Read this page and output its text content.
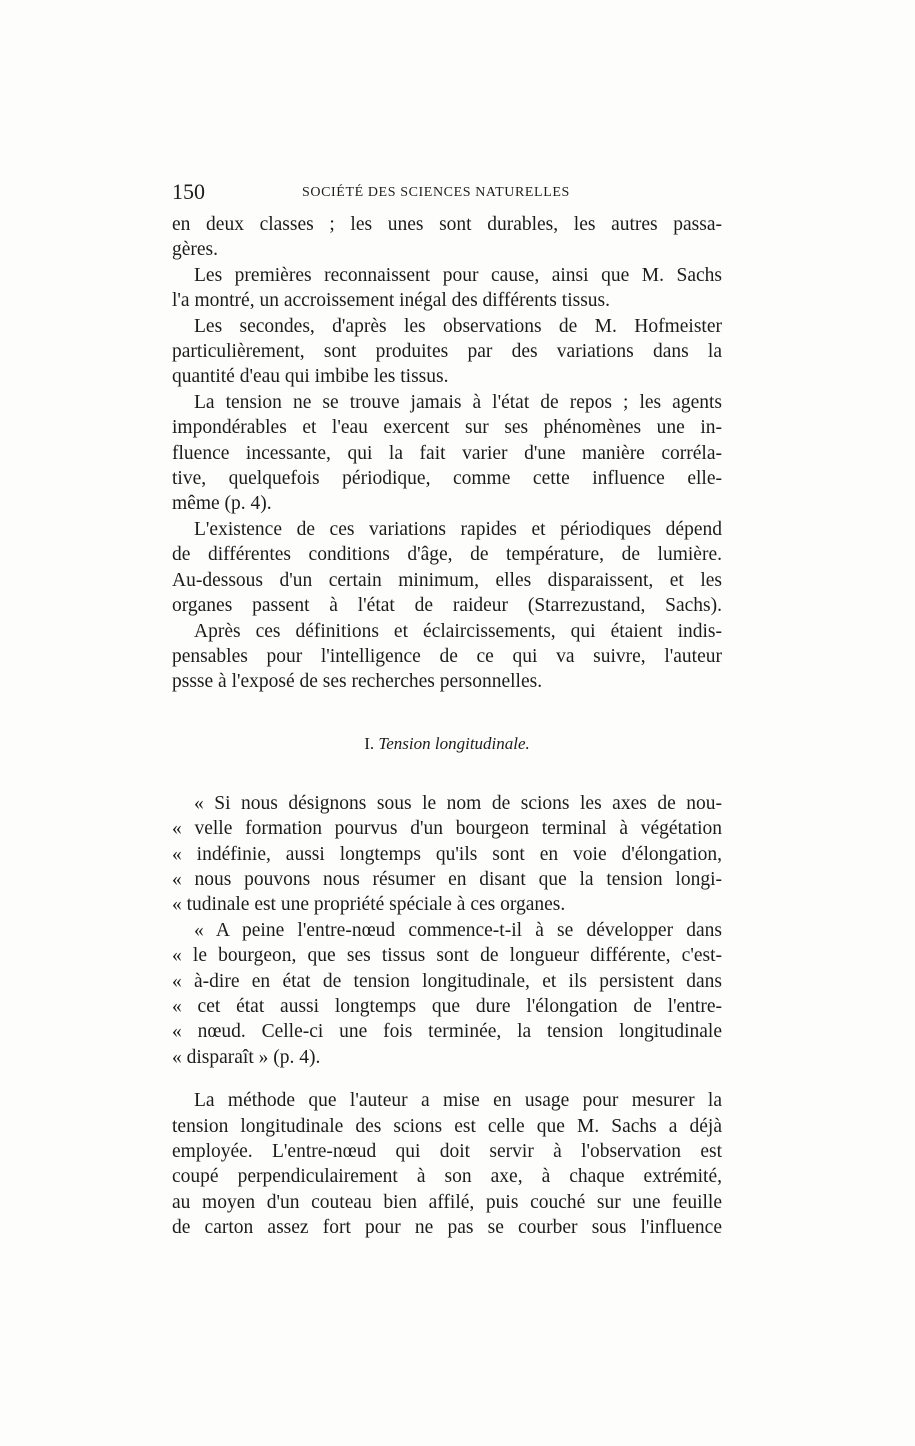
150	SOCIÉTÉ DES SCIENCES NATURELLES

en deux classes ; les unes sont durables, les autres passa-
gères.

Les premières reconnaissent pour cause, ainsi que M. Sachs
l'a montré, un accroissement inégal des différents tissus.

Les secondes, d'après les observations de M. Hofmeister
particulièrement, sont produites par des variations dans la
quantité d'eau qui imbibe les tissus.

La tension ne se trouve jamais à l'état de repos ; les agents
impondérables et l'eau exercent sur ses phénomènes une in-
fluence incessante, qui la fait varier d'une manière corréla-
tive, quelquefois périodique, comme cette influence elle-
même (p. 4).

L'existence de ces variations rapides et périodiques dépend
de différentes conditions d'âge, de température, de lumière.
Au-dessous d'un certain minimum, elles disparaissent, et les
organes passent à l'état de raideur (Starrezustand, Sachs).

Après ces définitions et éclaircissements, qui étaient indis-
pensables pour l'intelligence de ce qui va suivre, l'auteur
pssse à l'exposé de ses recherches personnelles.

I. Tension longitudinale.

« Si nous désignons sous le nom de scions les axes de nou-
« velle formation pourvus d'un bourgeon terminal à végétation
« indéfinie, aussi longtemps qu'ils sont en voie d'élongation,
« nous pouvons nous résumer en disant que la tension longi-
« tudinale est une propriété spéciale à ces organes.

« A peine l'entre-nœud commence-t-il à se développer dans
« le bourgeon, que ses tissus sont de longueur différente, c'est-
« à-dire en état de tension longitudinale, et ils persistent dans
« cet état aussi longtemps que dure l'élongation de l'entre-
« nœud. Celle-ci une fois terminée, la tension longitudinale
« disparaît » (p. 4).

La méthode que l'auteur a mise en usage pour mesurer la
tension longitudinale des scions est celle que M. Sachs a déjà
employée. L'entre-nœud qui doit servir à l'observation est
coupé perpendiculairement à son axe, à chaque extrémité,
au moyen d'un couteau bien affilé, puis couché sur une feuille
de carton assez fort pour ne pas se courber sous l'influence
